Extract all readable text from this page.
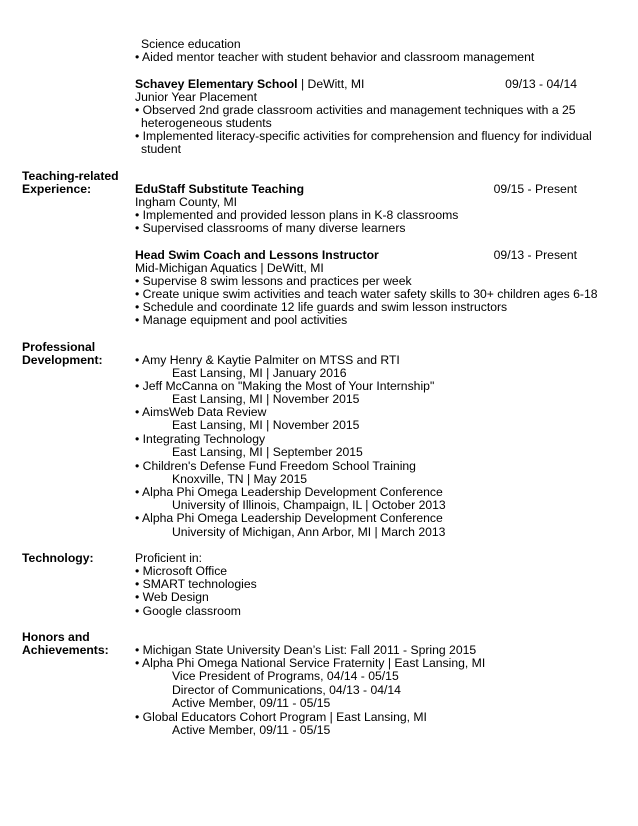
Science education
• Aided mentor teacher with student behavior and classroom management
Schavey Elementary School | DeWitt, MI	09/13 - 04/14
Junior Year Placement
• Observed 2nd grade classroom activities and management techniques with a 25
heterogeneous students
• Implemented literacy-specific activities for comprehension and fluency for individual
student
Teaching-related
Experience:	EduStaff Substitute Teaching	09/15 - Present
Ingham County, MI
• Implemented and provided lesson plans in K-8 classrooms
• Supervised classrooms of many diverse learners
Head Swim Coach and Lessons Instructor	09/13 - Present
Mid-Michigan Aquatics | DeWitt, MI
• Supervise 8 swim lessons and practices per week
• Create unique swim activities and teach water safety skills to 30+ children ages 6-18
• Schedule and coordinate 12 life guards and swim lesson instructors
• Manage equipment and pool activities
Professional
Development:	• Amy Henry & Kaytie Palmiter on MTSS and RTI
East Lansing, MI | January 2016
• Jeff McCanna on "Making the Most of Your Internship"
East Lansing, MI | November 2015
• AimsWeb Data Review
East Lansing, MI | November 2015
• Integrating Technology
East Lansing, MI | September 2015
• Children's Defense Fund Freedom School Training
Knoxville, TN | May 2015
• Alpha Phi Omega Leadership Development Conference
University of Illinois, Champaign, IL | October 2013
• Alpha Phi Omega Leadership Development Conference
University of Michigan, Ann Arbor, MI | March 2013
Technology:	Proficient in:
• Microsoft Office
• SMART technologies
• Web Design
• Google classroom
Honors and
Achievements: • Michigan State University Dean’s List: Fall 2011 - Spring 2015
• Alpha Phi Omega National Service Fraternity | East Lansing, MI
Vice President of Programs, 04/14 - 05/15
Director of Communications, 04/13 - 04/14
Active Member, 09/11 - 05/15
• Global Educators Cohort Program | East Lansing, MI
Active Member, 09/11 - 05/15
